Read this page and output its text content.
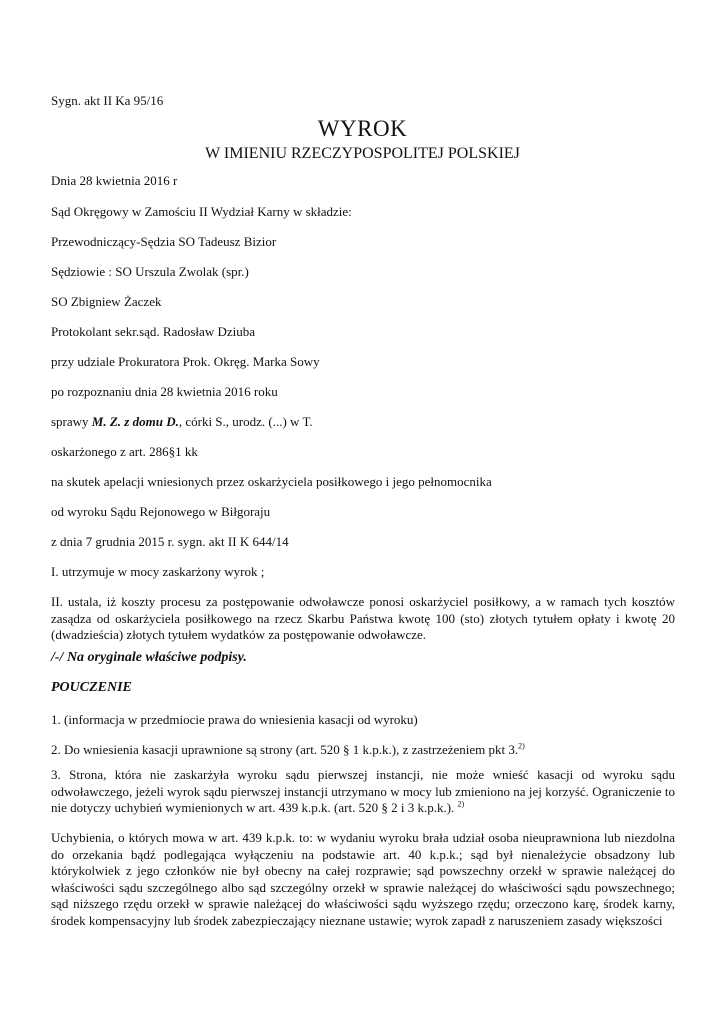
Sygn. akt II Ka 95/16
WYROK
W IMIENIU RZECZYPOSPOLITEJ POLSKIEJ
Dnia 28 kwietnia 2016 r
Sąd Okręgowy w Zamościu II Wydział Karny w składzie:
Przewodniczący-Sędzia SO Tadeusz Bizior
Sędziowie : SO Urszula Zwolak (spr.)
SO Zbigniew Żaczek
Protokolant sekr.sąd. Radosław Dziuba
przy udziale Prokuratora Prok. Okręg. Marka Sowy
po rozpoznaniu dnia 28 kwietnia 2016 roku
sprawy M. Z. z domu D., córki S., urodz. (...) w T.
oskarżonego z art. 286§1 kk
na skutek apelacji wniesionych przez oskarżyciela posiłkowego i jego pełnomocnika
od wyroku Sądu Rejonowego w Biłgoraju
z dnia 7 grudnia 2015 r. sygn. akt II K 644/14
I. utrzymuje w mocy zaskarżony wyrok ;
II. ustala, iż koszty procesu za postępowanie odwoławcze ponosi oskarżyciel posiłkowy, a w ramach tych kosztów zasądza od oskarżyciela posiłkowego na rzecz Skarbu Państwa kwotę 100 (sto) złotych tytułem opłaty i kwotę 20 (dwadzieścia) złotych tytułem wydatków za postępowanie odwoławcze.
/-/ Na oryginale właściwe podpisy.
POUCZENIE
1. (informacja w przedmiocie prawa do wniesienia kasacji od wyroku)
2. Do wniesienia kasacji uprawnione są strony (art. 520 § 1 k.p.k.), z zastrzeżeniem pkt 3.$^{2)}$
3. Strona, która nie zaskarżyła wyroku sądu pierwszej instancji, nie może wnieść kasacji od wyroku sądu odwoławczego, jeżeli wyrok sądu pierwszej instancji utrzymano w mocy lub zmieniono na jej korzyść. Ograniczenie to nie dotyczy uchybień wymienionych w art. 439 k.p.k. (art. 520 § 2 i 3 k.p.k.). $^{2)}$
Uchybienia, o których mowa w art. 439 k.p.k. to: w wydaniu wyroku brała udział osoba nieuprawniona lub niezdolna do orzekania bądź podlegająca wyłączeniu na podstawie art. 40 k.p.k.; sąd był nienależycie obsadzony lub którykolwiek z jego członków nie był obecny na całej rozprawie; sąd powszechny orzekł w sprawie należącej do właściwości sądu szczególnego albo sąd szczególny orzekł w sprawie należącej do właściwości sądu powszechnego; sąd niższego rzędu orzekł w sprawie należącej do właściwości sądu wyższego rzędu; orzeczono karę, środek karny, środek kompensacyjny lub środek zabezpieczający nieznane ustawie; wyrok zapadł z naruszeniem zasady większości
